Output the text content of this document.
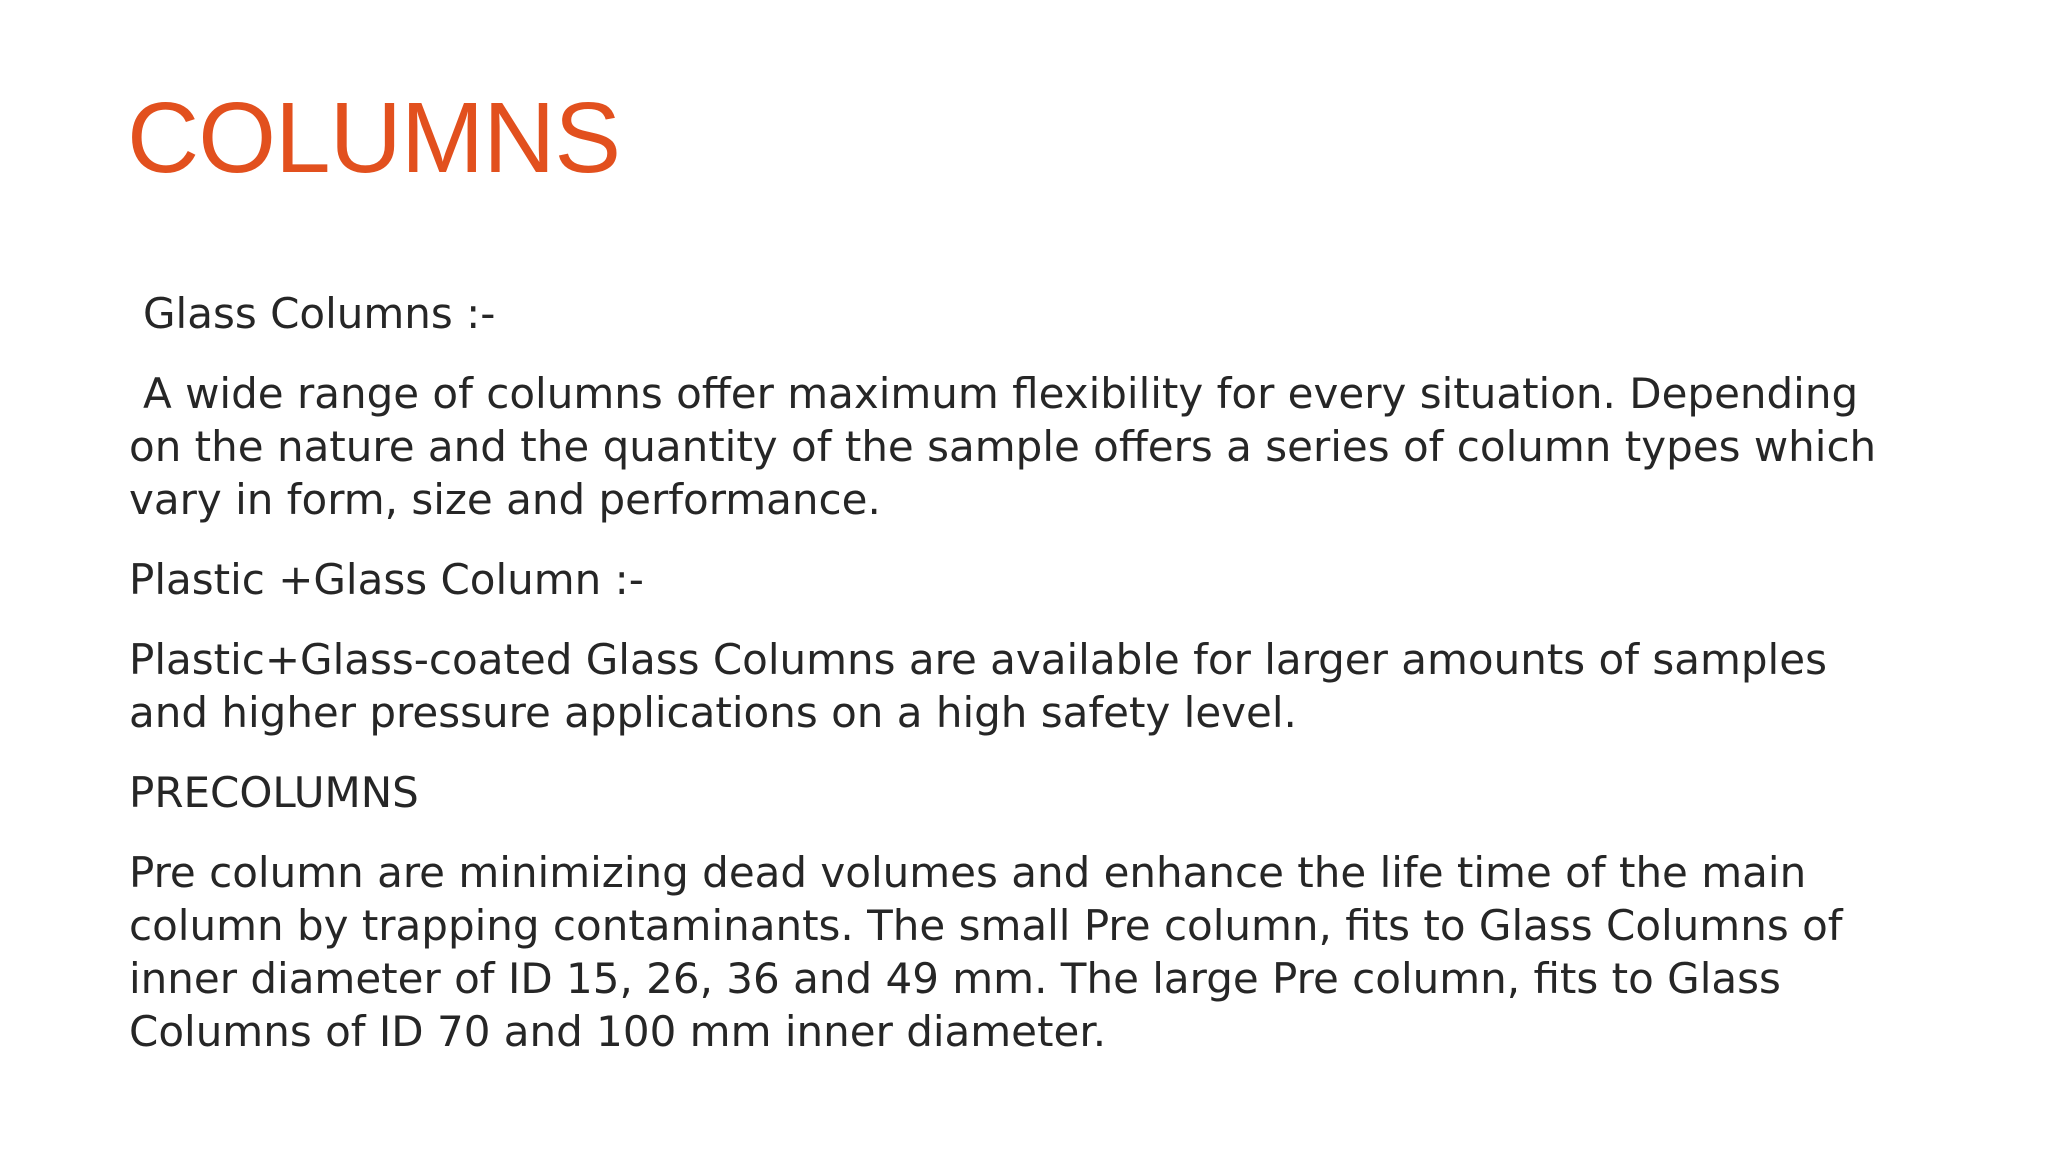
COLUMNS

Glass Columns :-

A wide range of columns offer maximum flexibility for every situation. Depending on the nature and the quantity of the sample offers a series of column types which vary in form, size and performance.

Plastic +Glass Column :-

Plastic+Glass-coated Glass Columns are available for larger amounts of samples and higher pressure applications on a high safety level.

PRECOLUMNS

Pre column are minimizing dead volumes and enhance the life time of the main column by trapping contaminants. The small Pre column, fits to Glass Columns of inner diameter of ID 15, 26, 36 and 49 mm. The large Pre column, fits to Glass Columns of ID 70 and 100 mm inner diameter.
